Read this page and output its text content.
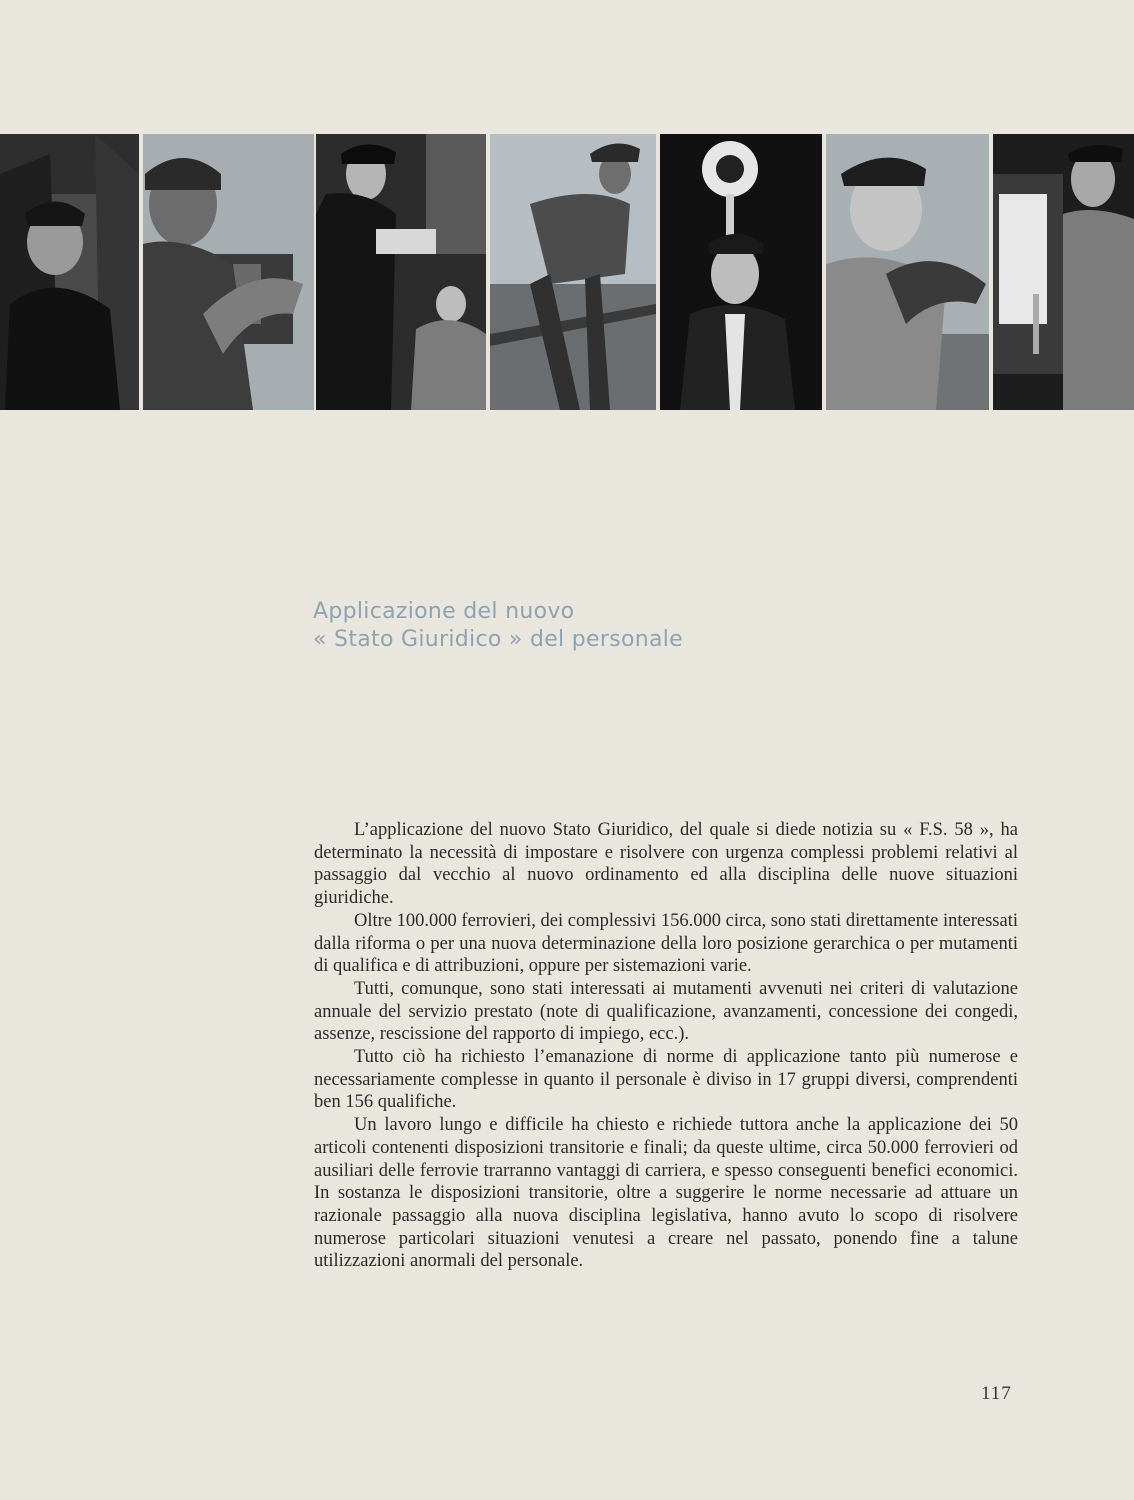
Applicazione del nuovo
« Stato Giuridico » del personale

L’applicazione del nuovo Stato Giuridico, del quale si diede notizia su « F.S. 58 », ha determinato la necessità di impostare e risolvere con urgenza complessi problemi relativi al passaggio dal vecchio al nuovo ordinamento ed alla disciplina delle nuove situazioni giuridiche.

Oltre 100.000 ferrovieri, dei complessivi 156.000 circa, sono stati direttamente interessati dalla riforma o per una nuova determinazione della loro posizione gerarchica o per mutamenti di qualifica e di attribuzioni, oppure per sistemazioni varie.

Tutti, comunque, sono stati interessati ai mutamenti avvenuti nei criteri di valutazione annuale del servizio prestato (note di qualificazione, avanzamenti, concessione dei congedi, assenze, rescissione del rapporto di impiego, ecc.).

Tutto ciò ha richiesto l’emanazione di norme di applicazione tanto più numerose e necessariamente complesse in quanto il personale è diviso in 17 gruppi diversi, comprendenti ben 156 qualifiche.

Un lavoro lungo e difficile ha chiesto e richiede tuttora anche la applicazione dei 50 articoli contenenti disposizioni transitorie e finali; da queste ultime, circa 50.000 ferrovieri od ausiliari delle ferrovie trarranno vantaggi di carriera, e spesso conseguenti benefici economici. In sostanza le disposizioni transitorie, oltre a suggerire le norme necessarie ad attuare un razionale passaggio alla nuova disciplina legislativa, hanno avuto lo scopo di risolvere numerose particolari situazioni venutesi a creare nel passato, ponendo fine a talune utilizzazioni anormali del personale.

117
